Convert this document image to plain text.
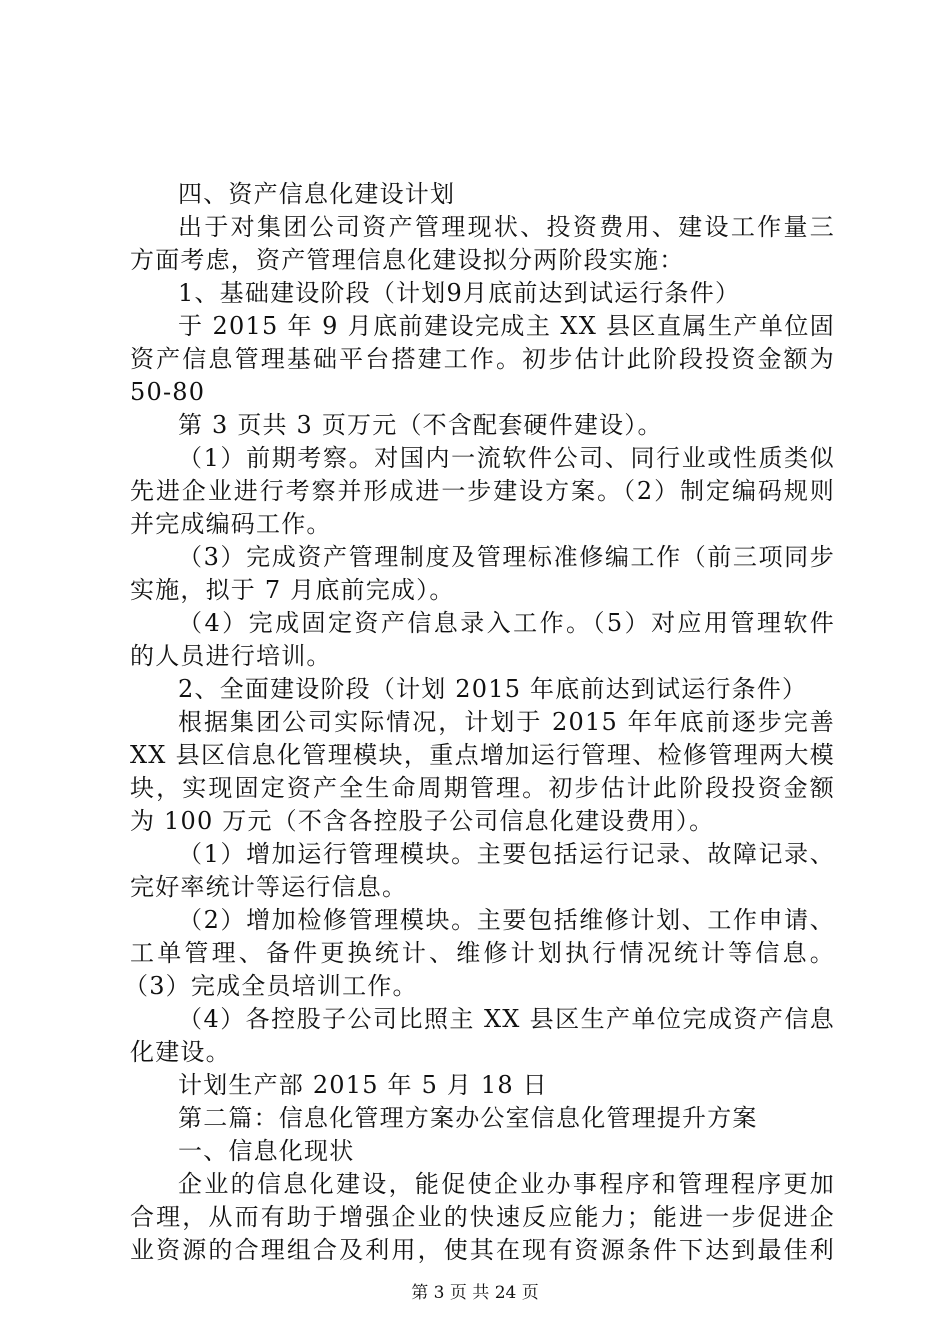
四、资产信息化建设计划
出于对集团公司资产管理现状、投资费用、建设工作量三
方面考虑，资产管理信息化建设拟分两阶段实施：
1、基础建设阶段（计划9月底前达到试运行条件）
于 2015 年 9 月底前建设完成主 XX 县区直属生产单位固
资产信息管理基础平台搭建工作。初步估计此阶段投资金额为
50-80
第 3 页共 3 页万元（不含配套硬件建设）。
（1）前期考察。对国内一流软件公司、同行业或性质类似
先进企业进行考察并形成进一步建设方案。（2）制定编码规则
并完成编码工作。
（3）完成资产管理制度及管理标准修编工作（前三项同步
实施，拟于 7 月底前完成）。
（4）完成固定资产信息录入工作。（5）对应用管理软件
的人员进行培训。
2、全面建设阶段（计划 2015 年底前达到试运行条件）
根据集团公司实际情况，计划于 2015 年年底前逐步完善
XX 县区信息化管理模块，重点增加运行管理、检修管理两大模
块，实现固定资产全生命周期管理。初步估计此阶段投资金额
为 100 万元（不含各控股子公司信息化建设费用）。
（1）增加运行管理模块。主要包括运行记录、故障记录、
完好率统计等运行信息。
（2）增加检修管理模块。主要包括维修计划、工作申请、
工单管理、备件更换统计、维修计划执行情况统计等信息。
（3）完成全员培训工作。
（4）各控股子公司比照主 XX 县区生产单位完成资产信息
化建设。
计划生产部 2015 年 5 月 18 日
第二篇：信息化管理方案办公室信息化管理提升方案
一、信息化现状
企业的信息化建设，能促使企业办事程序和管理程序更加
合理，从而有助于增强企业的快速反应能力；能进一步促进企
业资源的合理组合及利用，使其在现有资源条件下达到最佳利
第 3 页 共 24 页
